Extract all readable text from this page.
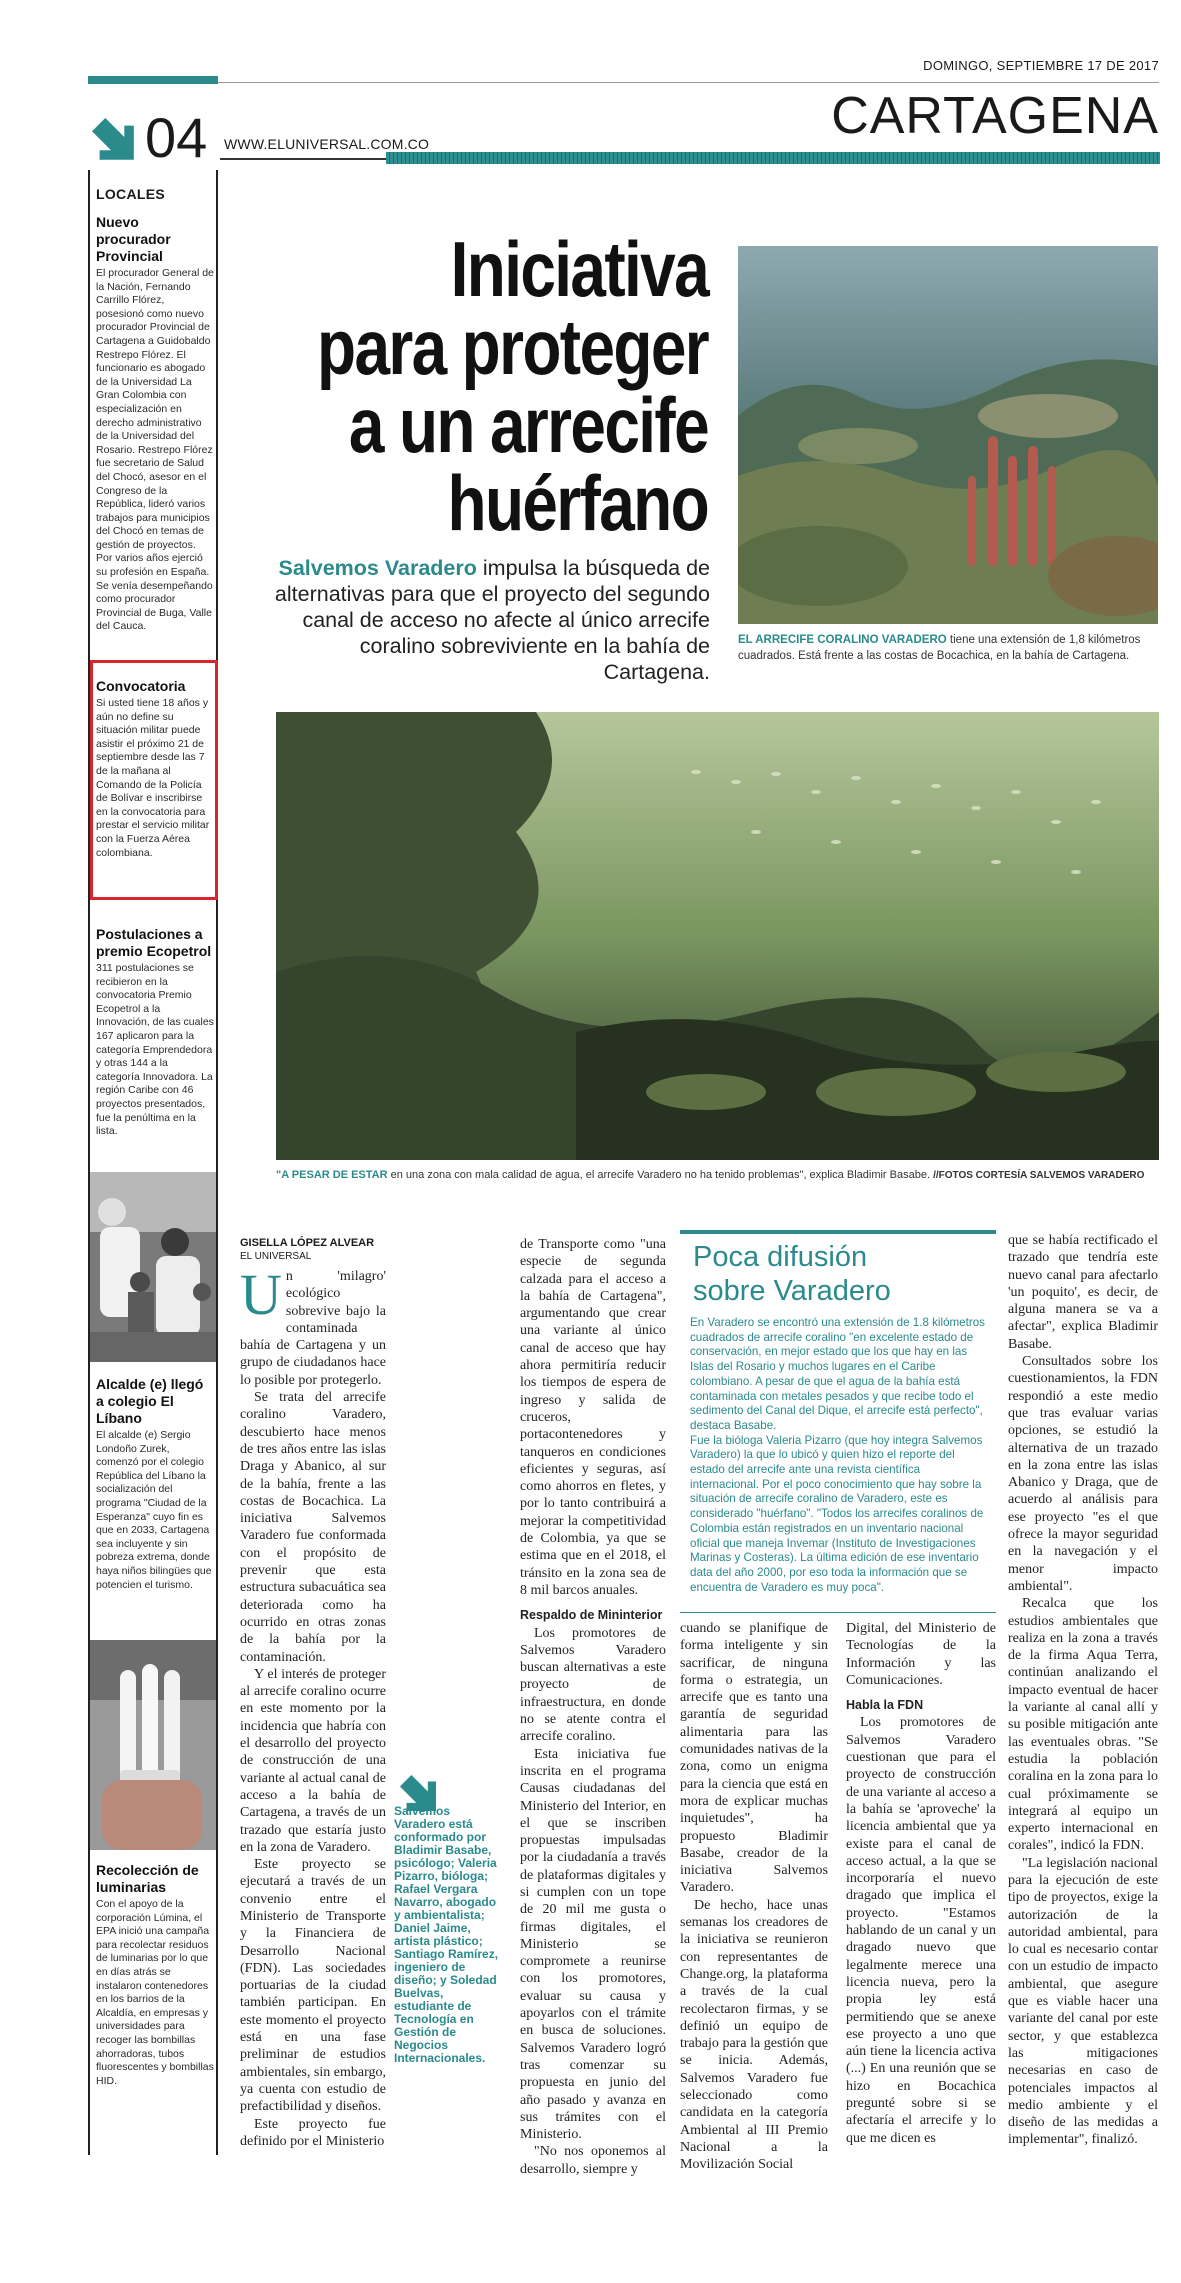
DOMINGO, SEPTIEMBRE 17 DE 2017
CARTAGENA
04 WWW.ELUNIVERSAL.COM.CO
LOCALES
Nuevo procurador Provincial
El procurador General de la Nación, Fernando Carrillo Flórez, posesionó como nuevo procurador Provincial de Cartagena a Guidobaldo Restrepo Flórez. El funcionario es abogado de la Universidad La Gran Colombia con especialización en derecho administrativo de la Universidad del Rosario. Restrepo Flórez fue secretario de Salud del Chocó, asesor en el Congreso de la República, lideró varios trabajos para municipios del Chocó en temas de gestión de proyectos. Por varios años ejerció su profesión en España. Se venía desempeñando como procurador Provincial de Buga, Valle del Cauca.
Convocatoria
Si usted tiene 18 años y aún no define su situación militar puede asistir el próximo 21 de septiembre desde las 7 de la mañana al Comando de la Policía de Bolívar e inscribirse en la convocatoria para prestar el servicio militar con la Fuerza Aérea colombiana.
Postulaciones a premio Ecopetrol
311 postulaciones se recibieron en la convocatoria Premio Ecopetrol a la Innovación, de las cuales 167 aplicaron para la categoría Emprendedora y otras 144 a la categoría Innovadora. La región Caribe con 46 proyectos presentados, fue la penúltima en la lista.
Alcalde (e) llegó a colegio El Líbano
El alcalde (e) Sergio Londoño Zurek, comenzó por el colegio República del Líbano la socialización del programa "Ciudad de la Esperanza" cuyo fin es que en 2033, Cartagena sea incluyente y sin pobreza extrema, donde haya niños bilingües que potencien el turismo.
Recolección de luminarias
Con el apoyo de la corporación Lúmina, el EPA inició una campaña para recolectar residuos de luminarias por lo que en días atrás se instalaron contenedores en los barrios de la Alcaldía, en empresas y universidades para recoger las bombillas ahorradoras, tubos fluorescentes y bombillas HID.
Iniciativa para proteger a un arrecife huérfano
Salvemos Varadero impulsa la búsqueda de alternativas para que el proyecto del segundo canal de acceso no afecte al único arrecife coralino sobreviviente en la bahía de Cartagena.
EL ARRECIFE CORALINO VARADERO tiene una extensión de 1,8 kilómetros cuadrados. Está frente a las costas de Bocachica, en la bahía de Cartagena.
"A PESAR DE ESTAR en una zona con mala calidad de agua, el arrecife Varadero no ha tenido problemas", explica Bladimir Basabe. //FOTOS CORTESÍA SALVEMOS VARADERO
GISELLA LÓPEZ ALVEAR
EL UNIVERSAL

Un 'milagro' ecológico sobrevive bajo la contaminada bahía de Cartagena y un grupo de ciudadanos hace lo posible por protegerlo.

Se trata del arrecife coralino Varadero, descubierto hace menos de tres años entre las islas Draga y Abanico, al sur de la bahía, frente a las costas de Bocachica. La iniciativa Salvemos Varadero fue conformada con el propósito de prevenir que esta estructura subacuática sea deteriorada como ha ocurrido en otras zonas de la bahía por la contaminación.

Y el interés de proteger al arrecife coralino ocurre en este momento por la incidencia que habría con el desarrollo del proyecto de construcción de una variante al actual canal de acceso a la bahía de Cartagena, a través de un trazado que estaría justo en la zona de Varadero.

Este proyecto se ejecutará a través de un convenio entre el Ministerio de Transporte y la Financiera de Desarrollo Nacional (FDN). Las sociedades portuarias de la ciudad también participan. En este momento el proyecto está en una fase preliminar de estudios ambientales, sin embargo, ya cuenta con estudio de prefactibilidad y diseños.

Este proyecto fue definido por el Ministerio

de Transporte como "una especie de segunda calzada para el acceso a la bahía de Cartagena", argumentando que crear una variante al único canal de acceso que hay ahora permitiría reducir los tiempos de espera de ingreso y salida de cruceros, portacontenedores y tanqueros en condiciones eficientes y seguras, así como ahorros en fletes, y por lo tanto contribuirá a mejorar la competitividad de Colombia, ya que se estima que en el 2018, el tránsito en la zona sea de 8 mil barcos anuales.

Respaldo de Mininterior

Los promotores de Salvemos Varadero buscan alternativas a este proyecto de infraestructura, en donde no se atente contra el arrecife coralino.

Esta iniciativa fue inscrita en el programa Causas ciudadanas del Ministerio del Interior, en el que se inscriben propuestas impulsadas por la ciudadanía a través de plataformas digitales y si cumplen con un tope de 20 mil me gusta o firmas digitales, el Ministerio se compromete a reunirse con los promotores, evaluar su causa y apoyarlos con el trámite en busca de soluciones. Salvemos Varadero logró tras comenzar su propuesta en junio del año pasado y avanza en sus trámites con el Ministerio.

"No nos oponemos al desarrollo, siempre y

Salvemos Varadero está conformado por Bladimir Basabe, psicólogo; Valeria Pizarro, bióloga; Rafael Vergara Navarro, abogado y ambientalista; Daniel Jaime, artista plástico; Santiago Ramírez, ingeniero de diseño; y Soledad Buelvas, estudiante de Tecnología en Gestión de Negocios Internacionales.
Poca difusión
sobre Varadero

En Varadero se encontró una extensión de 1.8 kilómetros cuadrados de arrecife coralino "en excelente estado de conservación, en mejor estado que los que hay en las Islas del Rosario y muchos lugares en el Caribe colombiano. A pesar de que el agua de la bahía está contaminada con metales pesados y que recibe todo el sedimento del Canal del Dique, el arrecife está perfecto", destaca Basabe.

Fue la bióloga Valeria Pizarro (que hoy integra Salvemos Varadero) la que lo ubicó y quien hizo el reporte del estado del arrecife ante una revista científica internacional. Por el poco conocimiento que hay sobre la situación de arrecife coralino de Varadero, este es considerado "huérfano". "Todos los arrecifes coralinos de Colombia están registrados en un inventario nacional oficial que maneja Invemar (Instituto de Investigaciones Marinas y Costeras). La última edición de ese inventario data del año 2000, por eso toda la información que se encuentra de Varadero es muy poca".

cuando se planifique de forma inteligente y sin sacrificar, de ninguna forma o estrategia, un arrecife que es tanto una garantía de seguridad alimentaria para las comunidades nativas de la zona, como un enigma para la ciencia que está en mora de explicar muchas inquietudes", ha propuesto Bladimir Basabe, creador de la iniciativa Salvemos Varadero.

De hecho, hace unas semanas los creadores de la iniciativa se reunieron con representantes de Change.org, la plataforma a través de la cual recolectaron firmas, y se definió un equipo de trabajo para la gestión que se inicia. Además, Salvemos Varadero fue seleccionado como candidata en la categoría Ambiental al III Premio Nacional a la Movilización Social

Digital, del Ministerio de Tecnologías de la Información y las Comunicaciones.

Habla la FDN

Los promotores de Salvemos Varadero cuestionan que para el proyecto de construcción de una variante al acceso a la bahía se 'aproveche' la licencia ambiental que ya existe para el canal de acceso actual, a la que se incorporaría el nuevo dragado que implica el proyecto. "Estamos hablando de un canal y un dragado nuevo que legalmente merece una licencia nueva, pero la propia ley está permitiendo que se anexe ese proyecto a uno que aún tiene la licencia activa (...) En una reunión que se hizo en Bocachica pregunté sobre si se afectaría el arrecife y lo que me dicen es

que se había rectificado el trazado que tendría este nuevo canal para afectarlo 'un poquito', es decir, de alguna manera se va a afectar", explica Bladimir Basabe.

Consultados sobre los cuestionamientos, la FDN respondió a este medio que tras evaluar varias opciones, se estudió la alternativa de un trazado en la zona entre las islas Abanico y Draga, que de acuerdo al análisis para ese proyecto "es el que ofrece la mayor seguridad en la navegación y el menor impacto ambiental".

Recalca que los estudios ambientales que realiza en la zona a través de la firma Aqua Terra, continúan analizando el impacto eventual de hacer la variante al canal allí y su posible mitigación ante las eventuales obras. "Se estudia la población coralina en la zona para lo cual próximamente se integrará al equipo un experto internacional en corales", indicó la FDN.

"La legislación nacional para la ejecución de este tipo de proyectos, exige la autorización de la autoridad ambiental, para lo cual es necesario contar con un estudio de impacto ambiental, que asegure que es viable hacer una variante del canal por este sector, y que establezca las mitigaciones necesarias en caso de potenciales impactos al medio ambiente y el diseño de las medidas a implementar", finalizó.
